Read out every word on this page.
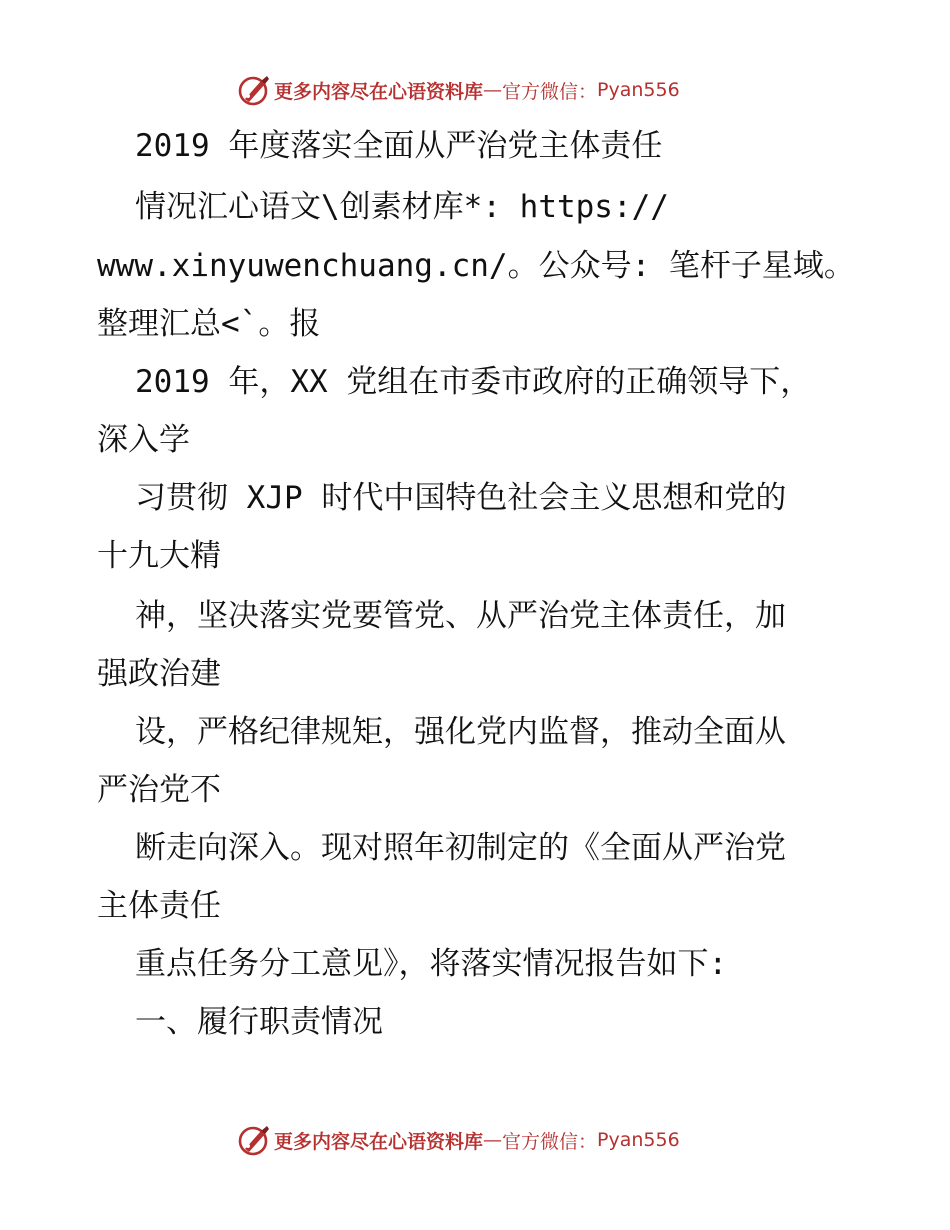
更多内容尽在心语资料库 — 官方微信： Pyan556
2019 年度落实全面从严治党主体责任
情况汇心语文\创素材库*: https://
www.xinyuwenchuang.cn/。公众号: 笔杆子星域。
整理汇总<`。报
2019 年，XX 党组在市委市政府的正确领导下，
深入学
习贯彻 XJP 时代中国特色社会主义思想和党的
十九大精
神，坚决落实党要管党、从严治党主体责任，加
强政治建
设，严格纪律规矩，强化党内监督，推动全面从
严治党不
断走向深入。现对照年初制定的《全面从严治党
主体责任
重点任务分工意见》，将落实情况报告如下:
一、履行职责情况
更多内容尽在心语资料库 — 官方微信： Pyan556
